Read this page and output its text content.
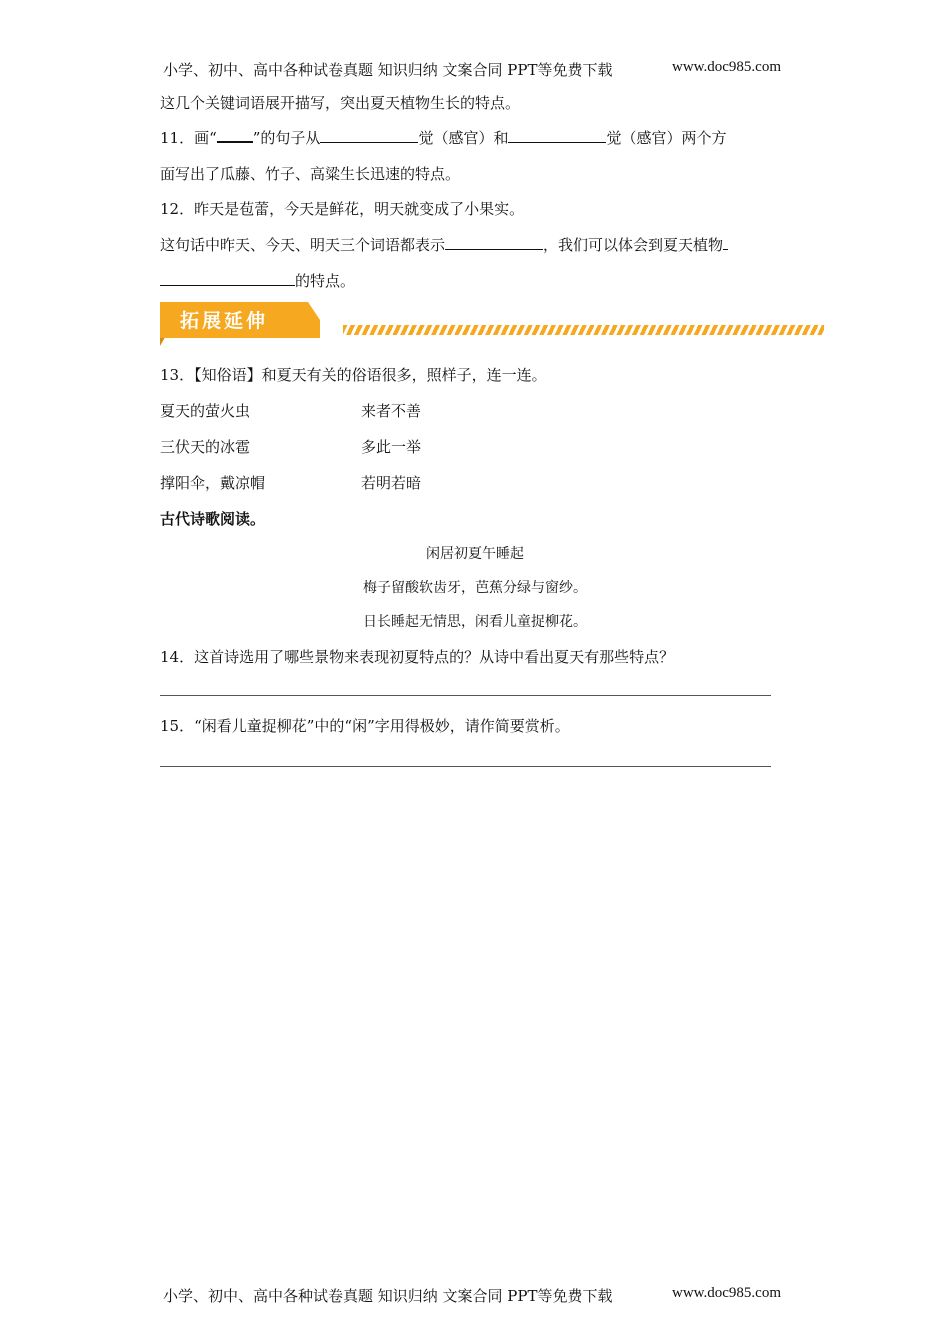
小学、初中、高中各种试卷真题 知识归纳 文案合同 PPT等免费下载	www.doc985.com
这几个关键词语展开描写，突出夏天植物生长的特点。
11．画“ ”的句子从	觉（感官）和	觉（感官）两个方
面写出了瓜藤、竹子、高粱生长迅速的特点。
12．昨天是苞蕾，今天是鲜花，明天就变成了小果实。
这句话中昨天、今天、明天三个词语都表示	，我们可以体会到夏天植物
的特点。
拓展延伸
13．【知俗语】和夏天有关的俗语很多，照样子，连一连。
夏天的萤火虫	来者不善
三伏天的冰雹	多此一举
撑阳伞，戴凉帽	若明若暗
古代诗歌阅读。
闲居初夏午睡起
梅子留酸软齿牙，芭蕉分绿与窗纱。
日长睡起无情思，闲看儿童捉柳花。
14．这首诗选用了哪些景物来表现初夏特点的？从诗中看出夏天有那些特点？
15．“闲看儿童捉柳花”中的“闲”字用得极妙，请作简要赏析。
小学、初中、高中各种试卷真题 知识归纳 文案合同 PPT等免费下载	www.doc985.com
